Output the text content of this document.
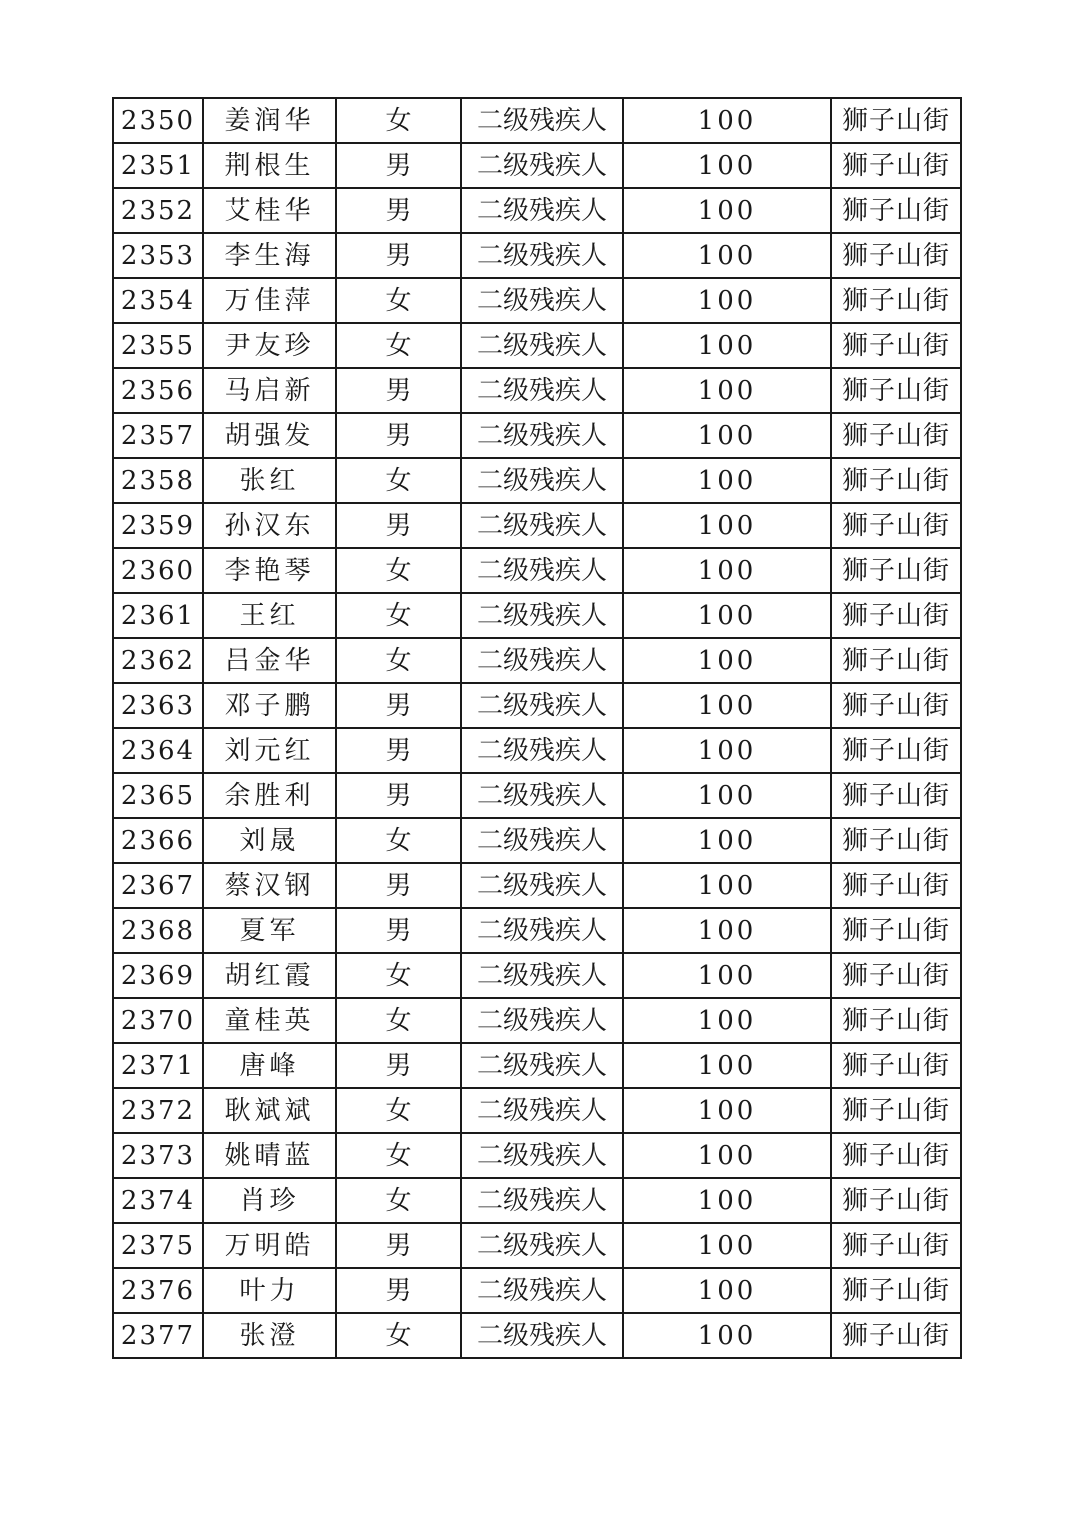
2350	姜润华	女	二级残疾人	100	狮子山街
2351	荆根生	男	二级残疾人	100	狮子山街
2352	艾桂华	男	二级残疾人	100	狮子山街
2353	李生海	男	二级残疾人	100	狮子山街
2354	万佳萍	女	二级残疾人	100	狮子山街
2355	尹友珍	女	二级残疾人	100	狮子山街
2356	马启新	男	二级残疾人	100	狮子山街
2357	胡强发	男	二级残疾人	100	狮子山街
2358	张红	女	二级残疾人	100	狮子山街
2359	孙汉东	男	二级残疾人	100	狮子山街
2360	李艳琴	女	二级残疾人	100	狮子山街
2361	王红	女	二级残疾人	100	狮子山街
2362	吕金华	女	二级残疾人	100	狮子山街
2363	邓子鹏	男	二级残疾人	100	狮子山街
2364	刘元红	男	二级残疾人	100	狮子山街
2365	余胜利	男	二级残疾人	100	狮子山街
2366	刘晟	女	二级残疾人	100	狮子山街
2367	蔡汉钢	男	二级残疾人	100	狮子山街
2368	夏军	男	二级残疾人	100	狮子山街
2369	胡红霞	女	二级残疾人	100	狮子山街
2370	童桂英	女	二级残疾人	100	狮子山街
2371	唐峰	男	二级残疾人	100	狮子山街
2372	耿斌斌	女	二级残疾人	100	狮子山街
2373	姚晴蓝	女	二级残疾人	100	狮子山街
2374	肖珍	女	二级残疾人	100	狮子山街
2375	万明皓	男	二级残疾人	100	狮子山街
2376	叶力	男	二级残疾人	100	狮子山街
2377	张澄	女	二级残疾人	100	狮子山街
